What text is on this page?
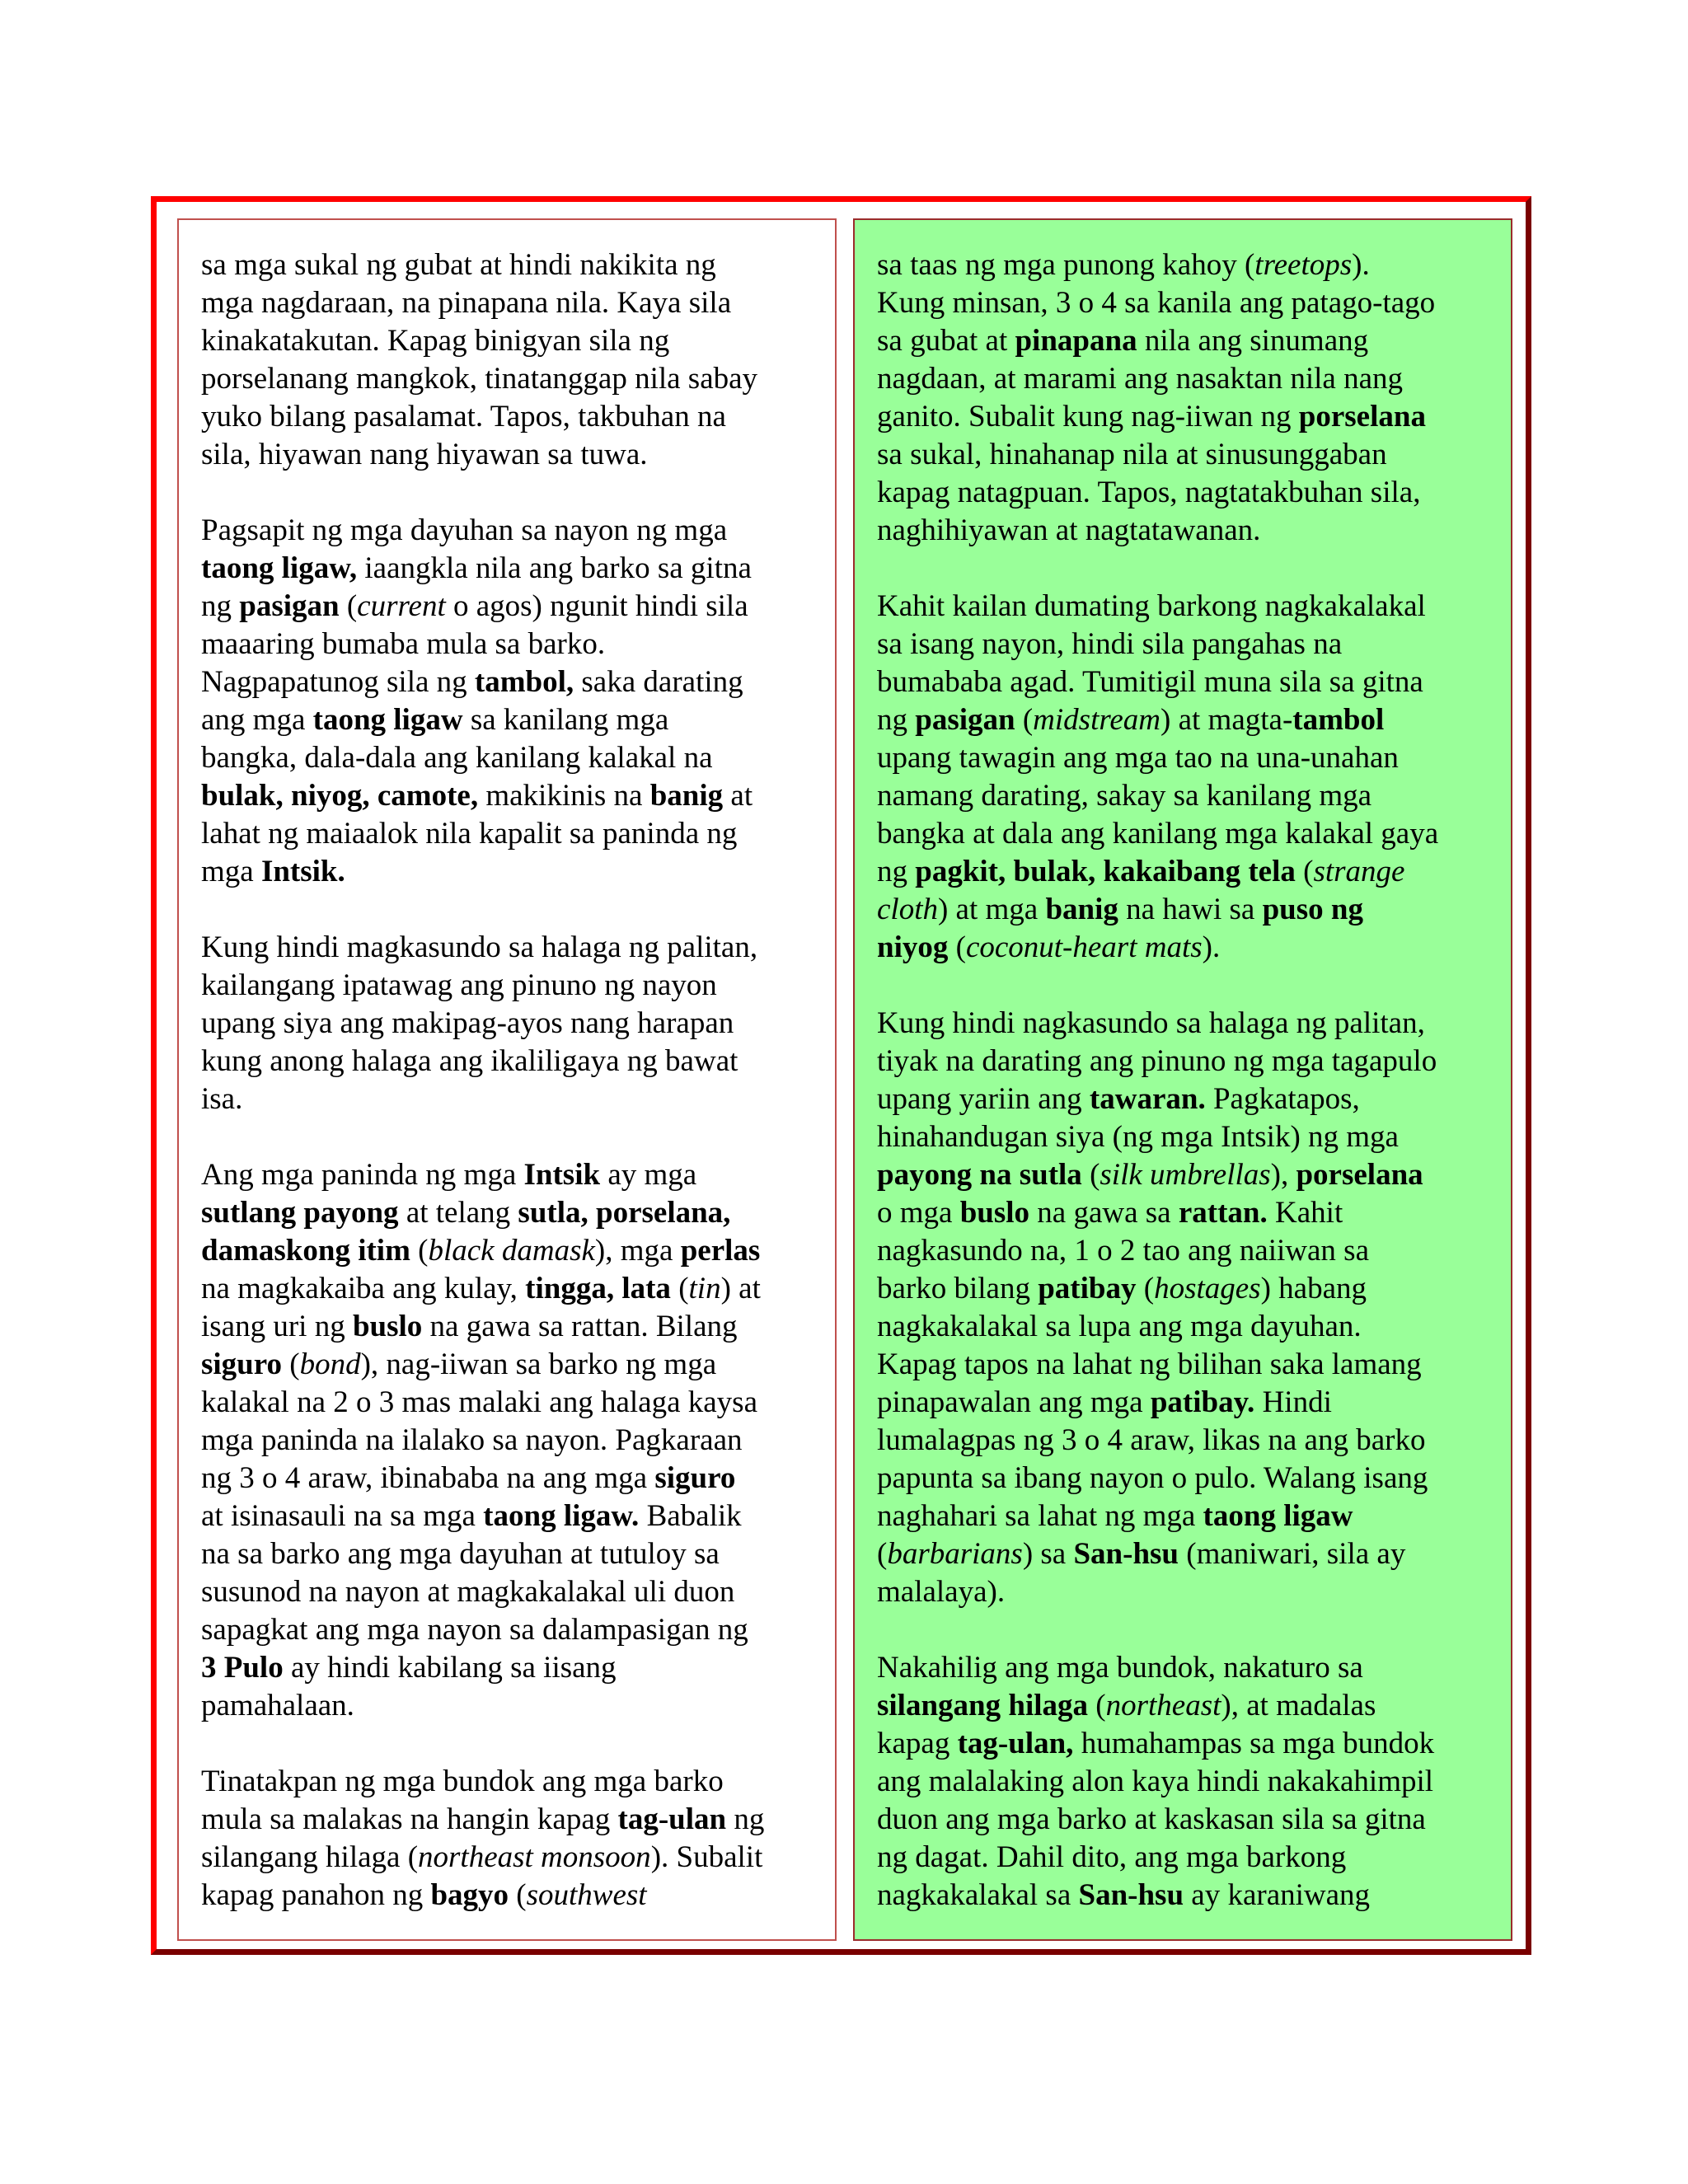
sa mga sukal ng gubat at hindi nakikita ng
mga nagdaraan, na pinapana nila. Kaya sila
kinakatakutan. Kapag binigyan sila ng
porselanang mangkok, tinatanggap nila sabay
yuko bilang pasalamat. Tapos, takbuhan na
sila, hiyawan nang hiyawan sa tuwa.

Pagsapit ng mga dayuhan sa nayon ng mga
taong ligaw, iaangkla nila ang barko sa gitna
ng pasigan (current o agos) ngunit hindi sila
maaaring bumaba mula sa barko.
Nagpapatunog sila ng tambol, saka darating
ang mga taong ligaw sa kanilang mga
bangka, dala-dala ang kanilang kalakal na
bulak, niyog, camote, makikinis na banig at
lahat ng maiaalok nila kapalit sa paninda ng
mga Intsik.

Kung hindi magkasundo sa halaga ng palitan,
kailangang ipatawag ang pinuno ng nayon
upang siya ang makipag-ayos nang harapan
kung anong halaga ang ikaliligaya ng bawat
isa.

Ang mga paninda ng mga Intsik ay mga
sutlang payong at telang sutla, porselana,
damaskong itim (black damask), mga perlas
na magkakaiba ang kulay, tingga, lata (tin) at
isang uri ng buslo na gawa sa rattan. Bilang
siguro (bond), nag-iiwan sa barko ng mga
kalakal na 2 o 3 mas malaki ang halaga kaysa
mga paninda na ilalako sa nayon. Pagkaraan
ng 3 o 4 araw, ibinababa na ang mga siguro
at isinasauli na sa mga taong ligaw. Babalik
na sa barko ang mga dayuhan at tutuloy sa
susunod na nayon at magkakalakal uli duon
sapagkat ang mga nayon sa dalampasigan ng
3 Pulo ay hindi kabilang sa iisang
pamahalaan.

Tinatakpan ng mga bundok ang mga barko
mula sa malakas na hangin kapag tag-ulan ng
silangang hilaga (northeast monsoon). Subalit
kapag panahon ng bagyo (southwest

sa taas ng mga punong kahoy (treetops).
Kung minsan, 3 o 4 sa kanila ang patago-tago
sa gubat at pinapana nila ang sinumang
nagdaan, at marami ang nasaktan nila nang
ganito. Subalit kung nag-iiwan ng porselana
sa sukal, hinahanap nila at sinusunggaban
kapag natagpuan. Tapos, nagtatakbuhan sila,
naghihiyawan at nagtatawanan.

Kahit kailan dumating barkong nagkakalakal
sa isang nayon, hindi sila pangahas na
bumababa agad. Tumitigil muna sila sa gitna
ng pasigan (midstream) at magta-tambol
upang tawagin ang mga tao na una-unahan
namang darating, sakay sa kanilang mga
bangka at dala ang kanilang mga kalakal gaya
ng pagkit, bulak, kakaibang tela (strange
cloth) at mga banig na hawi sa puso ng
niyog (coconut-heart mats).

Kung hindi nagkasundo sa halaga ng palitan,
tiyak na darating ang pinuno ng mga tagapulo
upang yariin ang tawaran. Pagkatapos,
hinahandugan siya (ng mga Intsik) ng mga
payong na sutla (silk umbrellas), porselana
o mga buslo na gawa sa rattan. Kahit
nagkasundo na, 1 o 2 tao ang naiiwan sa
barko bilang patibay (hostages) habang
nagkakalakal sa lupa ang mga dayuhan.
Kapag tapos na lahat ng bilihan saka lamang
pinapawalan ang mga patibay. Hindi
lumalagpas ng 3 o 4 araw, likas na ang barko
papunta sa ibang nayon o pulo. Walang isang
naghahari sa lahat ng mga taong ligaw
(barbarians) sa San-hsu (maniwari, sila ay
malalaya).

Nakahilig ang mga bundok, nakaturo sa
silangang hilaga (northeast), at madalas
kapag tag-ulan, humahampas sa mga bundok
ang malalaking alon kaya hindi nakakahimpil
duon ang mga barko at kaskasan sila sa gitna
ng dagat. Dahil dito, ang mga barkong
nagkakalakal sa San-hsu ay karaniwang
